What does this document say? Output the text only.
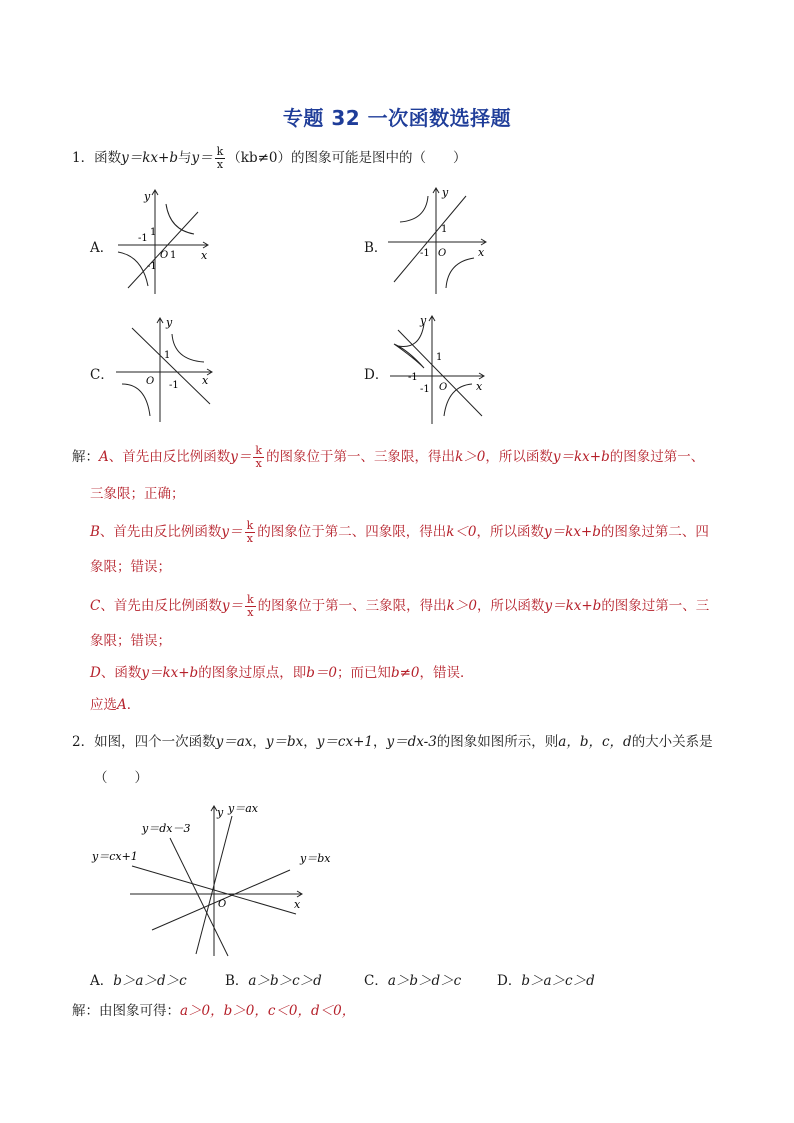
专题 32 一次函数选择题
1．函数y＝kx+b与$y= \frac{k}{x} (kb\ne 0)$的图象可能是图中的（　　）
A．	B．
C．	D．
y
x
O 1
1
-1
-1
y
x
O
1
-1
y
x
O
1
-1
y
x
O
1
-1
-1
解：A、首先由反比例函数$y= \frac{k}{x}$ 的图象位于第一、三象限，得出k＞0，所以函数y＝kx+b的图象过第一、
三象限；正确；
B、首先由反比例函数$y= \frac{k}{x}$ 的图象位于第二、四象限，得出k＜0，所以函数y＝kx+b的图象过第二、四
象限；错误；
C、首先由反比例函数$y= \frac{k}{x}$ 的图象位于第一、三象限，得出k＞0，所以函数y＝kx+b的图象过第一、三
象限；错误；
D、函数y＝kx+b的图象过原点，即b＝0；而已知b≠0，错误．
应选A．
2．如图，四个一次函数y＝ax，y＝bx，y＝cx+1，y＝dx-3的图象如图所示，则a，b，c，d的大小关系是
（　　）
y
x
O
y＝ax
y＝dx－3
y＝cx+1	y＝bx
A．b＞a＞d＞c	B．a＞b＞c＞d	C．a＞b＞d＞c	D．b＞a＞c＞d
解：由图象可得：a＞0，b＞0，c＜0，d＜0，
